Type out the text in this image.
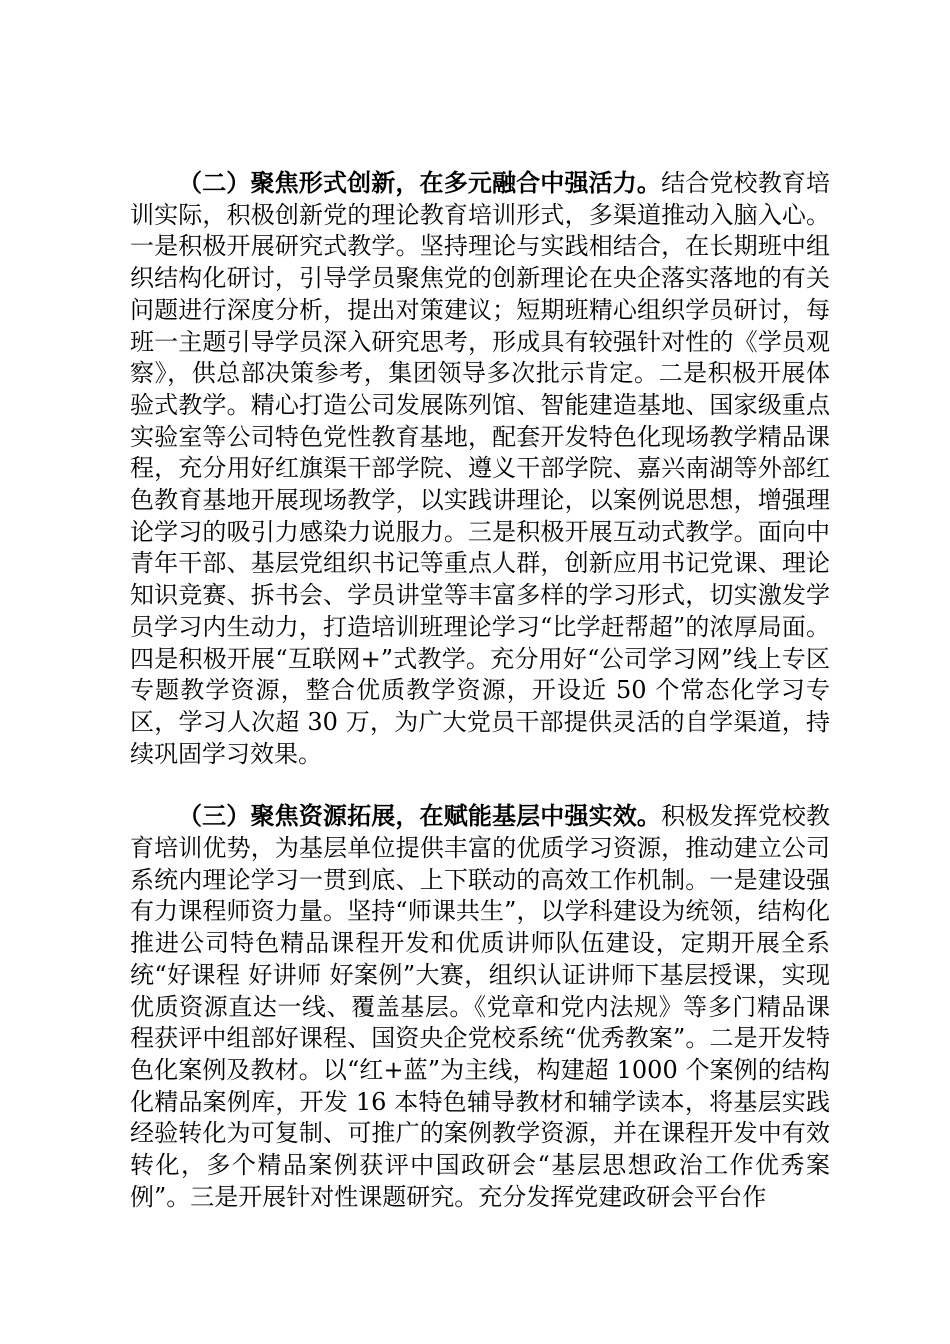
（二）聚焦形式创新，在多元融合中强活力。结合党校教育培训实际，积极创新党的理论教育培训形式，多渠道推动入脑入心。一是积极开展研究式教学。坚持理论与实践相结合，在长期班中组织结构化研讨，引导学员聚焦党的创新理论在央企落实落地的有关问题进行深度分析，提出对策建议；短期班精心组织学员研讨，每班一主题引导学员深入研究思考，形成具有较强针对性的《学员观察》，供总部决策参考，集团领导多次批示肯定。二是积极开展体验式教学。精心打造公司发展陈列馆、智能建造基地、国家级重点实验室等公司特色党性教育基地，配套开发特色化现场教学精品课程，充分用好红旗渠干部学院、遵义干部学院、嘉兴南湖等外部红色教育基地开展现场教学，以实践讲理论，以案例说思想，增强理论学习的吸引力感染力说服力。三是积极开展互动式教学。面向中青年干部、基层党组织书记等重点人群，创新应用书记党课、理论知识竞赛、拆书会、学员讲堂等丰富多样的学习形式，切实激发学员学习内生动力，打造培训班理论学习“比学赶帮超”的浓厚局面。四是积极开展“互联网+”式教学。充分用好“公司学习网”线上专区专题教学资源，整合优质教学资源，开设近 50 个常态化学习专区，学习人次超 30 万，为广大党员干部提供灵活的自学渠道，持续巩固学习效果。

（三）聚焦资源拓展，在赋能基层中强实效。积极发挥党校教育培训优势，为基层单位提供丰富的优质学习资源，推动建立公司系统内理论学习一贯到底、上下联动的高效工作机制。一是建设强有力课程师资力量。坚持“师课共生”，以学科建设为统领，结构化推进公司特色精品课程开发和优质讲师队伍建设，定期开展全系统“好课程 好讲师 好案例”大赛，组织认证讲师下基层授课，实现优质资源直达一线、覆盖基层。《党章和党内法规》等多门精品课程获评中组部好课程、国资央企党校系统“优秀教案”。二是开发特色化案例及教材。以“红+蓝”为主线，构建超 1000 个案例的结构化精品案例库，开发 16 本特色辅导教材和辅学读本，将基层实践经验转化为可复制、可推广的案例教学资源，并在课程开发中有效转化，多个精品案例获评中国政研会“基层思想政治工作优秀案例”。三是开展针对性课题研究。充分发挥党建政研会平台作
